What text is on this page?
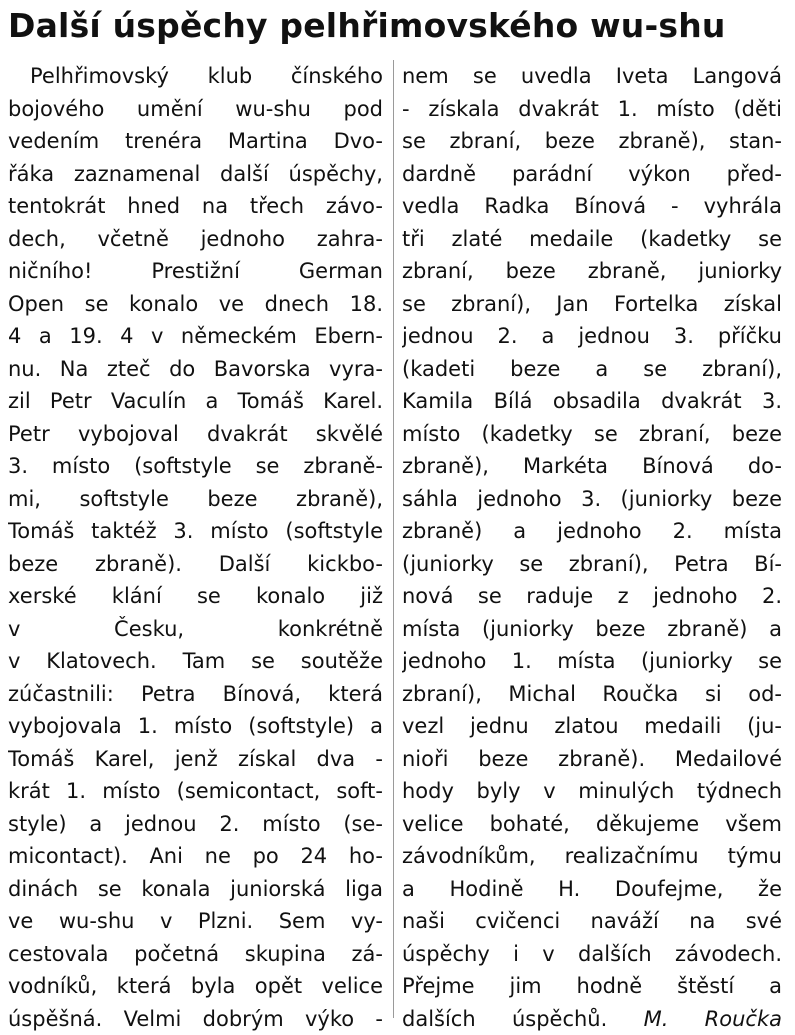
Další úspěchy pelhřimovského wu-shu
Pelhřimovský klub čínského
bojového umění wu-shu pod
vedením trenéra Martina Dvo-
řáka zaznamenal další úspěchy,
tentokrát hned na třech závo-
dech, včetně jednoho zahra-
ničního! Prestižní German
Open se konalo ve dnech 18.
4 a 19. 4 v německém Ebern-
nu. Na zteč do Bavorska vyra-
zil Petr Vaculín a Tomáš Karel.
Petr vybojoval dvakrát skvělé
3. místo (softstyle se zbraně-
mi, softstyle beze zbraně),
Tomáš taktéž 3. místo (softstyle
beze zbraně). Další kickbo-
xerské klání se konalo již
v Česku, konkrétně
v Klatovech. Tam se soutěže
zúčastnili: Petra Bínová, která
vybojovala 1. místo (softstyle) a
Tomáš Karel, jenž získal dva -
krát 1. místo (semicontact, soft-
style) a jednou 2. místo (se-
micontact). Ani ne po 24 ho-
dinách se konala juniorská liga
ve wu-shu v Plzni. Sem vy-
cestovala početná skupina zá-
vodníků, která byla opět velice
úspěšná. Velmi dobrým výko -
nem se uvedla Iveta Langová
- získala dvakrát 1. místo (děti
se zbraní, beze zbraně), stan-
dardně parádní výkon před-
vedla Radka Bínová - vyhrála
tři zlaté medaile (kadetky se
zbraní, beze zbraně, juniorky
se zbraní), Jan Fortelka získal
jednou 2. a jednou 3. příčku
(kadeti beze a se zbraní),
Kamila Bílá obsadila dvakrát 3.
místo (kadetky se zbraní, beze
zbraně), Markéta Bínová do-
sáhla jednoho 3. (juniorky beze
zbraně) a jednoho 2. místa
(juniorky se zbraní), Petra Bí-
nová se raduje z jednoho 2.
místa (juniorky beze zbraně) a
jednoho 1. místa (juniorky se
zbraní), Michal Roučka si od-
vezl jednu zlatou medaili (ju-
nioři beze zbraně). Medailové
hody byly v minulých týdnech
velice bohaté, děkujeme všem
závodníkům, realizačnímu týmu
a Hodině H. Doufejme, že
naši cvičenci naváží na své
úspěchy i v dalších závodech.
Přejme jim hodně štěstí a
dalších úspěchů. M. Roučka
